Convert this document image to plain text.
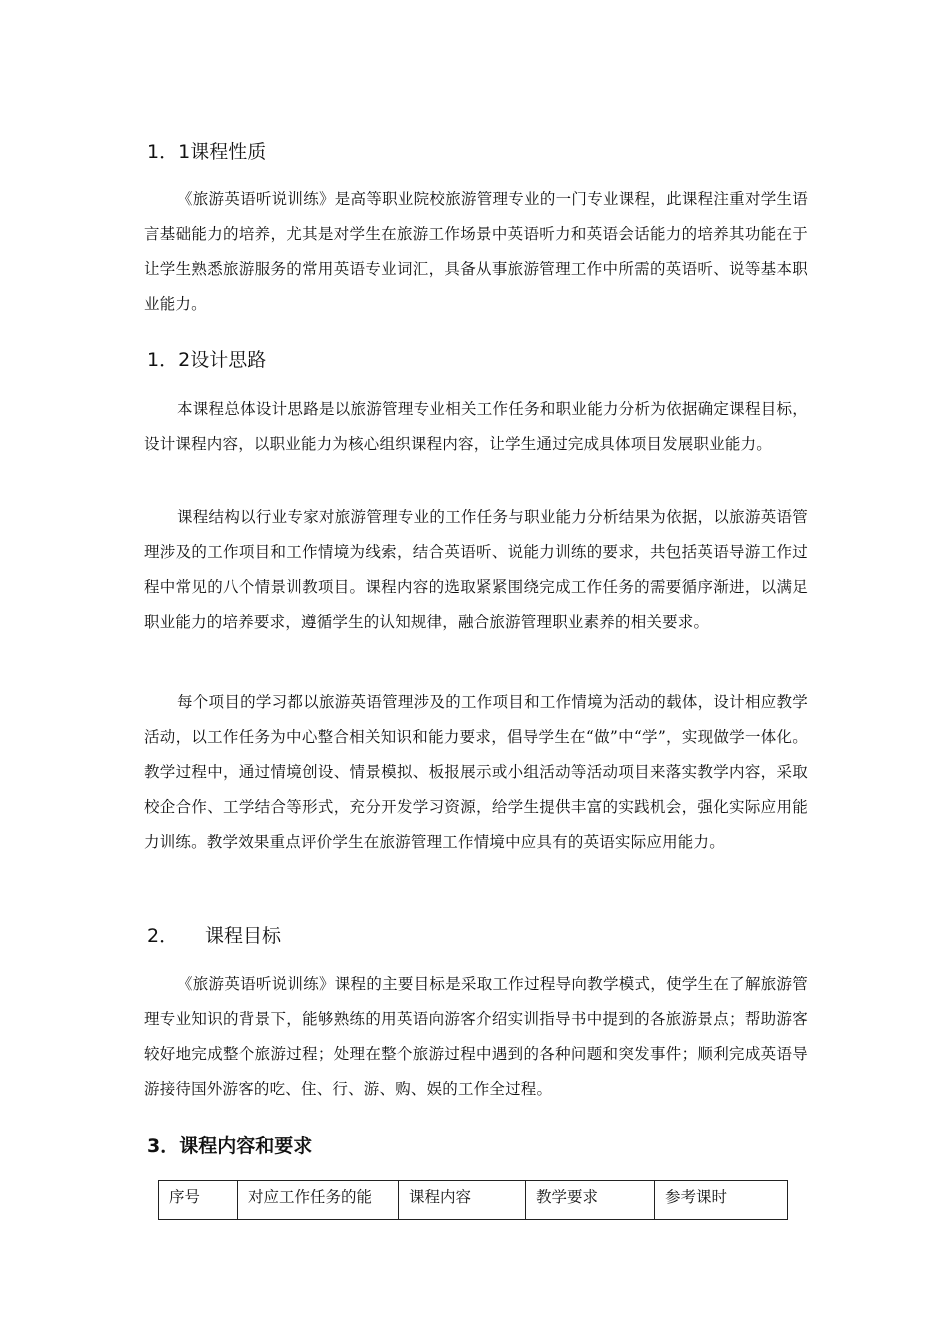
1．1课程性质

《旅游英语听说训练》是高等职业院校旅游管理专业的一门专业课程，此课程注重对学生语言基础能力的培养，尤其是对学生在旅游工作场景中英语听力和英语会话能力的培养其功能在于让学生熟悉旅游服务的常用英语专业词汇，具备从事旅游管理工作中所需的英语听、说等基本职业能力。

1．2设计思路

本课程总体设计思路是以旅游管理专业相关工作任务和职业能力分析为依据确定课程目标，设计课程内容，以职业能力为核心组织课程内容，让学生通过完成具体项目发展职业能力。

课程结构以行业专家对旅游管理专业的工作任务与职业能力分析结果为依据，以旅游英语管理涉及的工作项目和工作情境为线索，结合英语听、说能力训练的要求，共包括英语导游工作过程中常见的八个情景训教项目。课程内容的选取紧紧围绕完成工作任务的需要循序渐进，以满足职业能力的培养要求，遵循学生的认知规律，融合旅游管理职业素养的相关要求。

每个项目的学习都以旅游英语管理涉及的工作项目和工作情境为活动的载体，设计相应教学活动，以工作任务为中心整合相关知识和能力要求，倡导学生在“做”中“学”，实现做学一体化。教学过程中，通过情境创设、情景模拟、板报展示或小组活动等活动项目来落实教学内容，采取校企合作、工学结合等形式，充分开发学习资源，给学生提供丰富的实践机会，强化实际应用能力训练。教学效果重点评价学生在旅游管理工作情境中应具有的英语实际应用能力。

2． 课程目标

《旅游英语听说训练》课程的主要目标是采取工作过程导向教学模式，使学生在了解旅游管理专业知识的背景下，能够熟练的用英语向游客介绍实训指导书中提到的各旅游景点；帮助游客较好地完成整个旅游过程；处理在整个旅游过程中遇到的各种问题和突发事件；顺利完成英语导游接待国外游客的吃、住、行、游、购、娱的工作全过程。

3．课程内容和要求
序号	对应工作任务的能	课程内容	教学要求	参考课时
